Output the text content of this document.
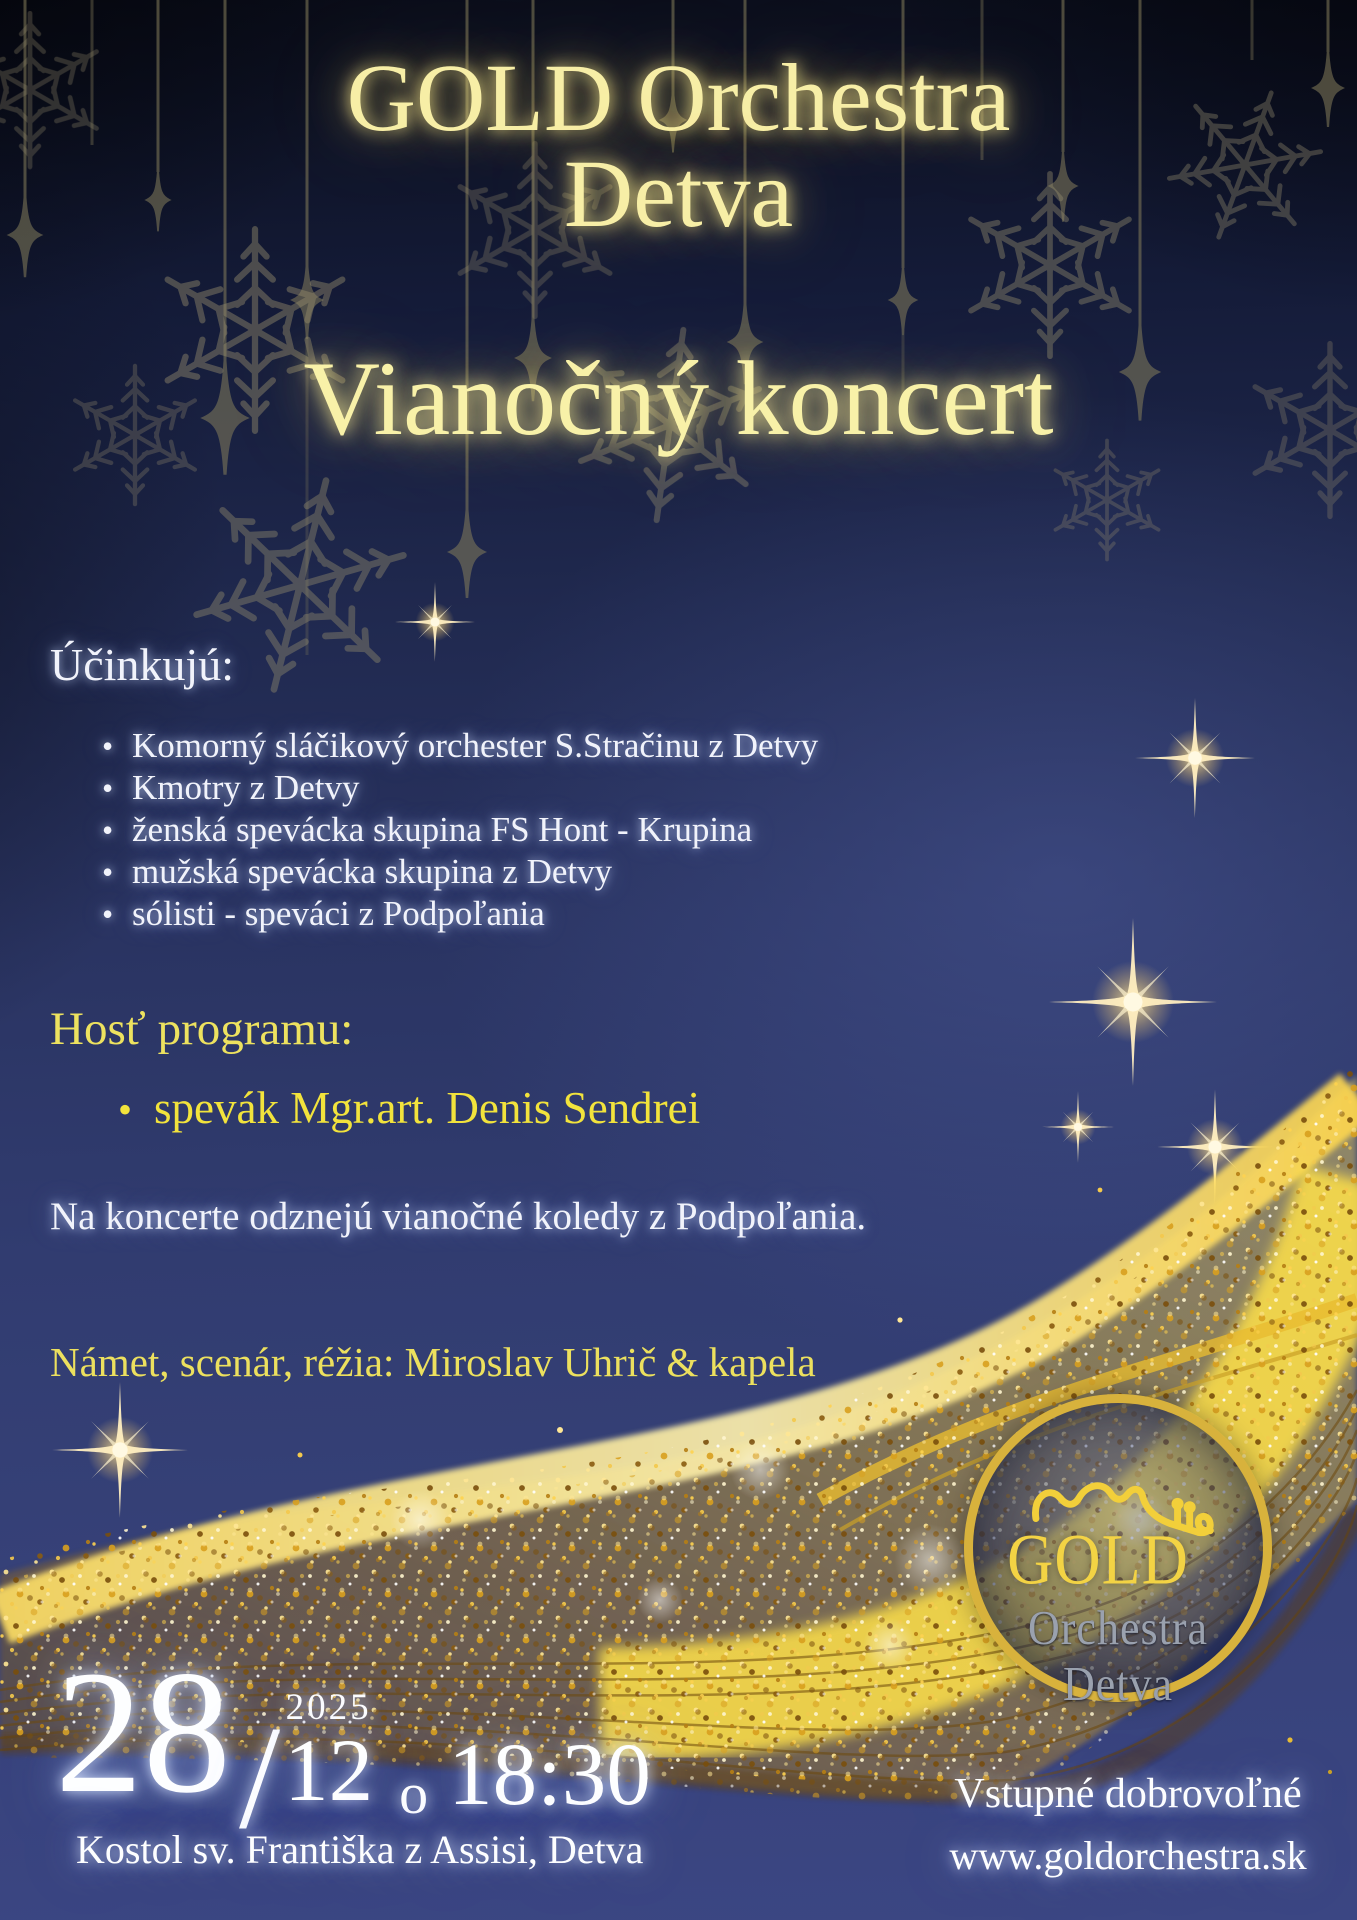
GOLD Orchestra
Detva
Vianočný koncert
Účinkujú:
• Komorný sláčikový orchester S.Stračinu z Detvy
• Kmotry z Detvy
• ženská spevácka skupina FS Hont - Krupina
• mužská spevácka skupina z Detvy
• sólisti - speváci z Podpoľania
Hosť programu:
• spevák Mgr.art. Denis Sendrei
Na koncerte odznejú vianočné koledy z Podpoľania.
Námet, scenár, réžia: Miroslav Uhrič & kapela
28 / 2025
12 o 18:30
Kostol sv. Františka z Assisi, Detva
Vstupné dobrovoľné
www.goldorchestra.sk
GOLD
Orchestra Detva
